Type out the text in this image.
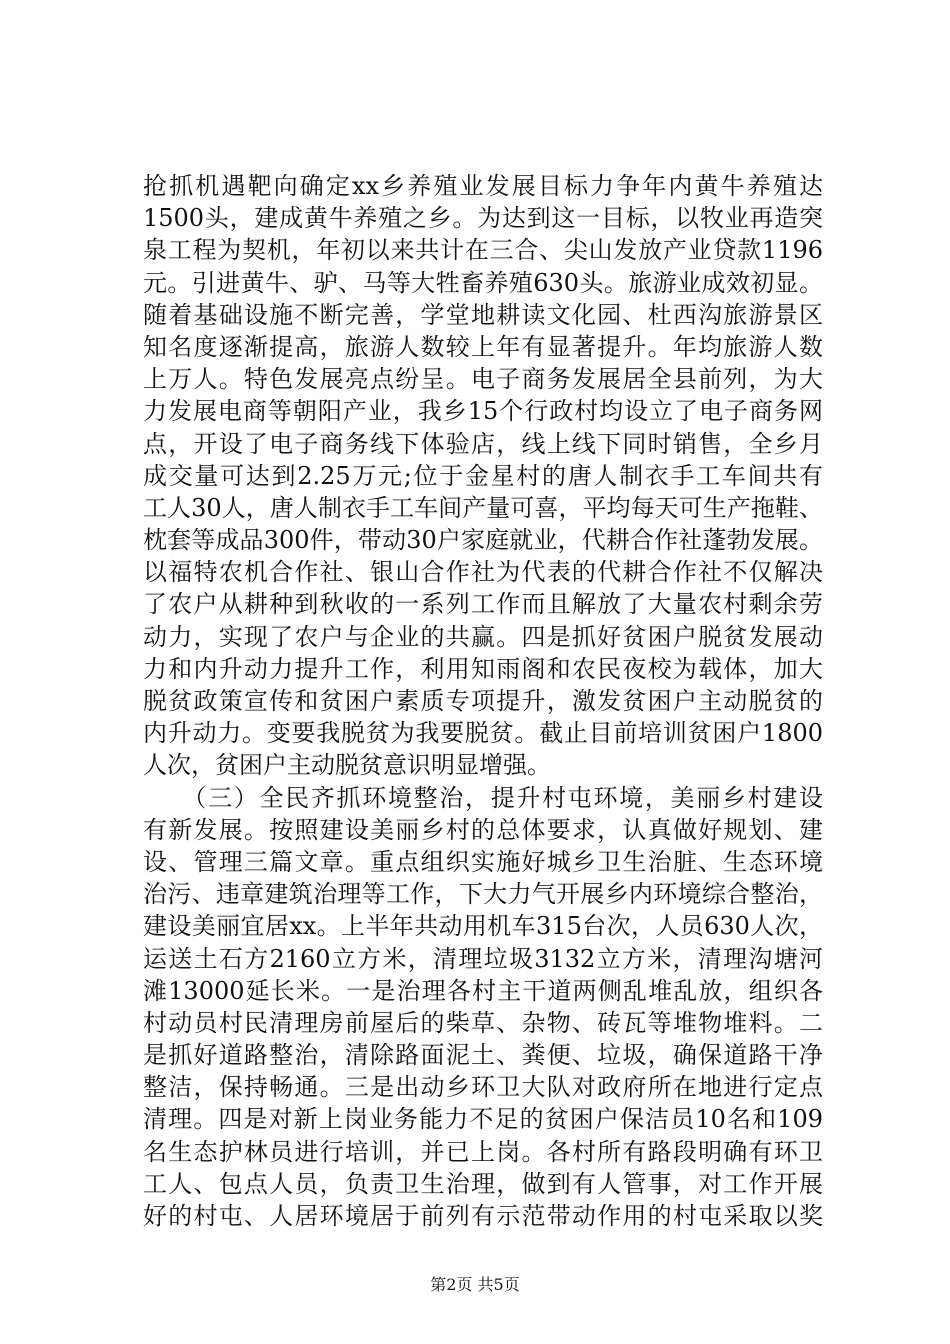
抢抓机遇靶向确定xx乡养殖业发展目标力争年内黄牛养殖达
1500头，建成黄牛养殖之乡。为达到这一目标，以牧业再造突
泉工程为契机，年初以来共计在三合、尖山发放产业贷款1196
元。引进黄牛、驴、马等大牲畜养殖630头。旅游业成效初显。
随着基础设施不断完善，学堂地耕读文化园、杜西沟旅游景区
知名度逐渐提高，旅游人数较上年有显著提升。年均旅游人数
上万人。特色发展亮点纷呈。电子商务发展居全县前列，为大
力发展电商等朝阳产业，我乡15个行政村均设立了电子商务网
点，开设了电子商务线下体验店，线上线下同时销售，全乡月
成交量可达到2.25万元;位于金星村的唐人制衣手工车间共有
工人30人，唐人制衣手工车间产量可喜，平均每天可生产拖鞋、
枕套等成品300件，带动30户家庭就业，代耕合作社蓬勃发展。
以福特农机合作社、银山合作社为代表的代耕合作社不仅解决
了农户从耕种到秋收的一系列工作而且解放了大量农村剩余劳
动力，实现了农户与企业的共赢。四是抓好贫困户脱贫发展动
力和内升动力提升工作，利用知雨阁和农民夜校为载体，加大
脱贫政策宣传和贫困户素质专项提升，激发贫困户主动脱贫的
内升动力。变要我脱贫为我要脱贫。截止目前培训贫困户1800
人次，贫困户主动脱贫意识明显增强。
　　（三）全民齐抓环境整治，提升村屯环境，美丽乡村建设
有新发展。按照建设美丽乡村的总体要求，认真做好规划、建
设、管理三篇文章。重点组织实施好城乡卫生治脏、生态环境
治污、违章建筑治理等工作，下大力气开展乡内环境综合整治，
建设美丽宜居xx。上半年共动用机车315台次，人员630人次，
运送土石方2160立方米，清理垃圾3132立方米，清理沟塘河
滩13000延长米。一是治理各村主干道两侧乱堆乱放，组织各
村动员村民清理房前屋后的柴草、杂物、砖瓦等堆物堆料。二
是抓好道路整治，清除路面泥土、粪便、垃圾，确保道路干净
整洁，保持畅通。三是出动乡环卫大队对政府所在地进行定点
清理。四是对新上岗业务能力不足的贫困户保洁员10名和109
名生态护林员进行培训，并已上岗。各村所有路段明确有环卫
工人、包点人员，负责卫生治理，做到有人管事，对工作开展
好的村屯、人居环境居于前列有示范带动作用的村屯采取以奖
第2页 共5页
